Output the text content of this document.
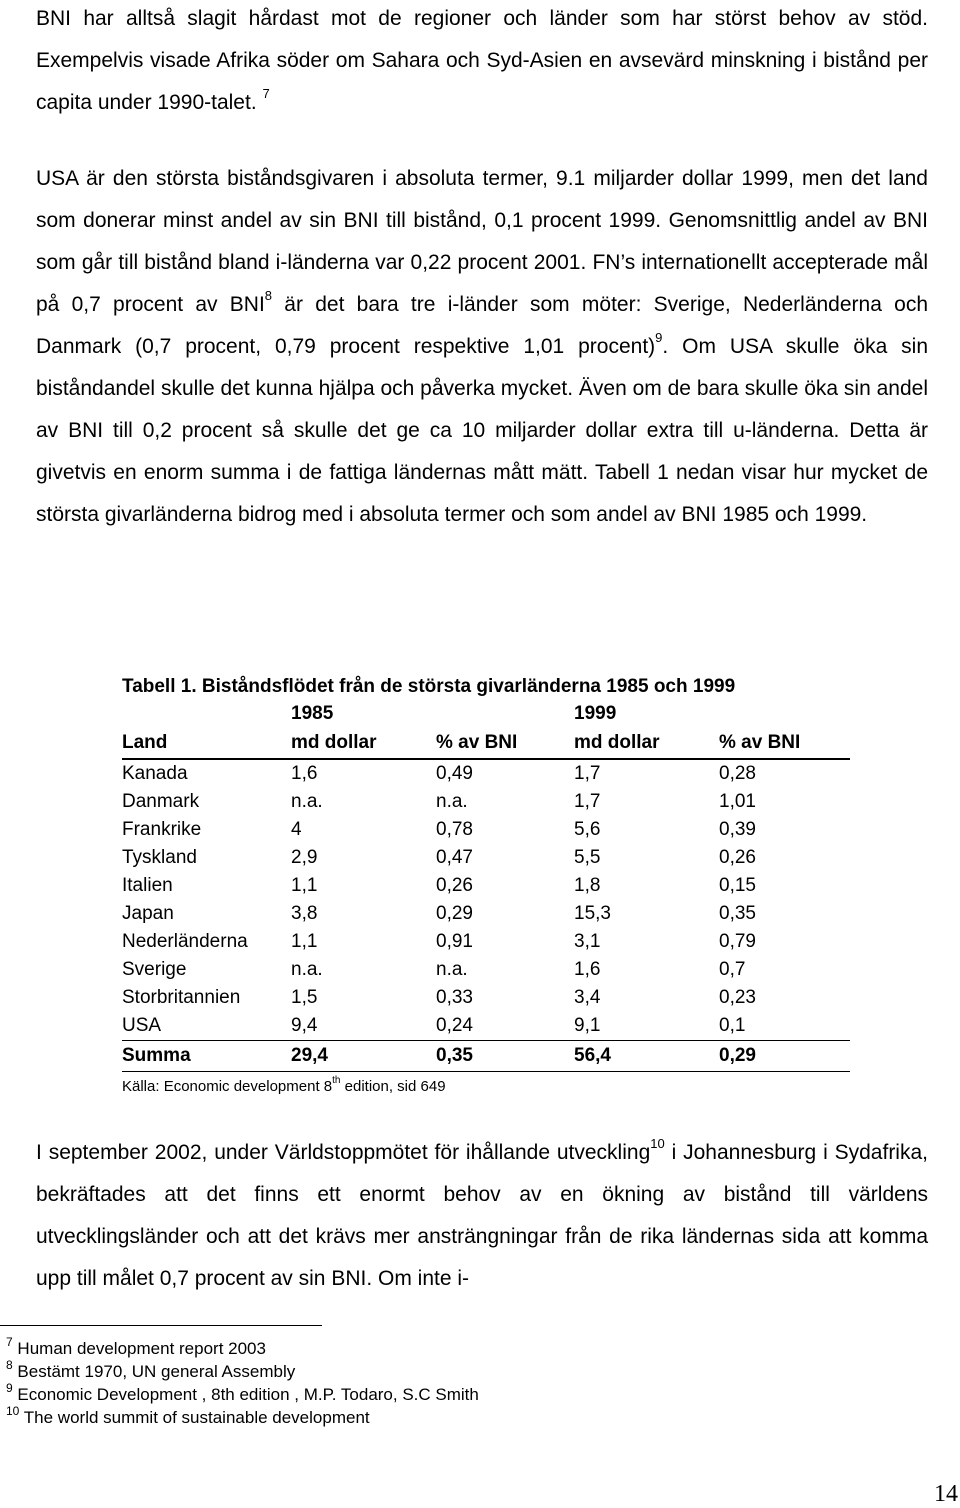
BNI har alltså slagit hårdast mot de regioner och länder som har störst behov av stöd. Exempelvis visade Afrika söder om Sahara och Syd-Asien en avsevärd minskning i bistånd per capita under 1990-talet. $^7$

USA är den största biståndsgivaren i absoluta termer, 9.1 miljarder dollar 1999, men det land som donerar minst andel av sin BNI till bistånd, 0,1 procent 1999. Genomsnittlig andel av BNI som går till bistånd bland i-länderna var 0,22 procent 2001. FN’s internationellt accepterade mål på 0,7 procent av BNI$^8$ är det bara tre i-länder som möter: Sverige, Nederländerna och Danmark (0,7 procent, 0,79 procent respektive 1,01 procent)$^9$. Om USA skulle öka sin biståndandel skulle det kunna hjälpa och påverka mycket. Även om de bara skulle öka sin andel av BNI till 0,2 procent så skulle det ge ca 10 miljarder dollar extra till u-länderna. Detta är givetvis en enorm summa i de fattiga ländernas mått mätt. Tabell 1 nedan visar hur mycket de största givarländerna bidrog med i absoluta termer och som andel av BNI 1985 och 1999.

Tabell 1. Biståndsflödet från de största givarländerna 1985 och 1999
	1985		1999	
Land	md dollar	% av BNI	md dollar	% av BNI
Kanada	1,6	0,49	1,7	0,28
Danmark	n.a.	n.a.	1,7	1,01
Frankrike	4	0,78	5,6	0,39
Tyskland	2,9	0,47	5,5	0,26
Italien	1,1	0,26	1,8	0,15
Japan	3,8	0,29	15,3	0,35
Nederländerna	1,1	0,91	3,1	0,79
Sverige	n.a.	n.a.	1,6	0,7
Storbritannien	1,5	0,33	3,4	0,23
USA	9,4	0,24	9,1	0,1
Summa	29,4	0,35	56,4	0,29
Källa: Economic development 8th edition, sid 649

I september 2002, under Världstoppmötet för ihållande utveckling$^{10}$ i Johannesburg i Sydafrika, bekräftades att det finns ett enormt behov av en ökning av bistånd till världens utvecklingsländer och att det krävs mer ansträngningar från de rika ländernas sida att komma upp till målet 0,7 procent av sin BNI. Om inte i-

$^7$ Human development report 2003
$^8$ Bestämt 1970, UN general Assembly
$^9$ Economic Development , 8th edition , M.P. Todaro, S.C Smith
$^{10}$ The world summit of sustainable development
14
